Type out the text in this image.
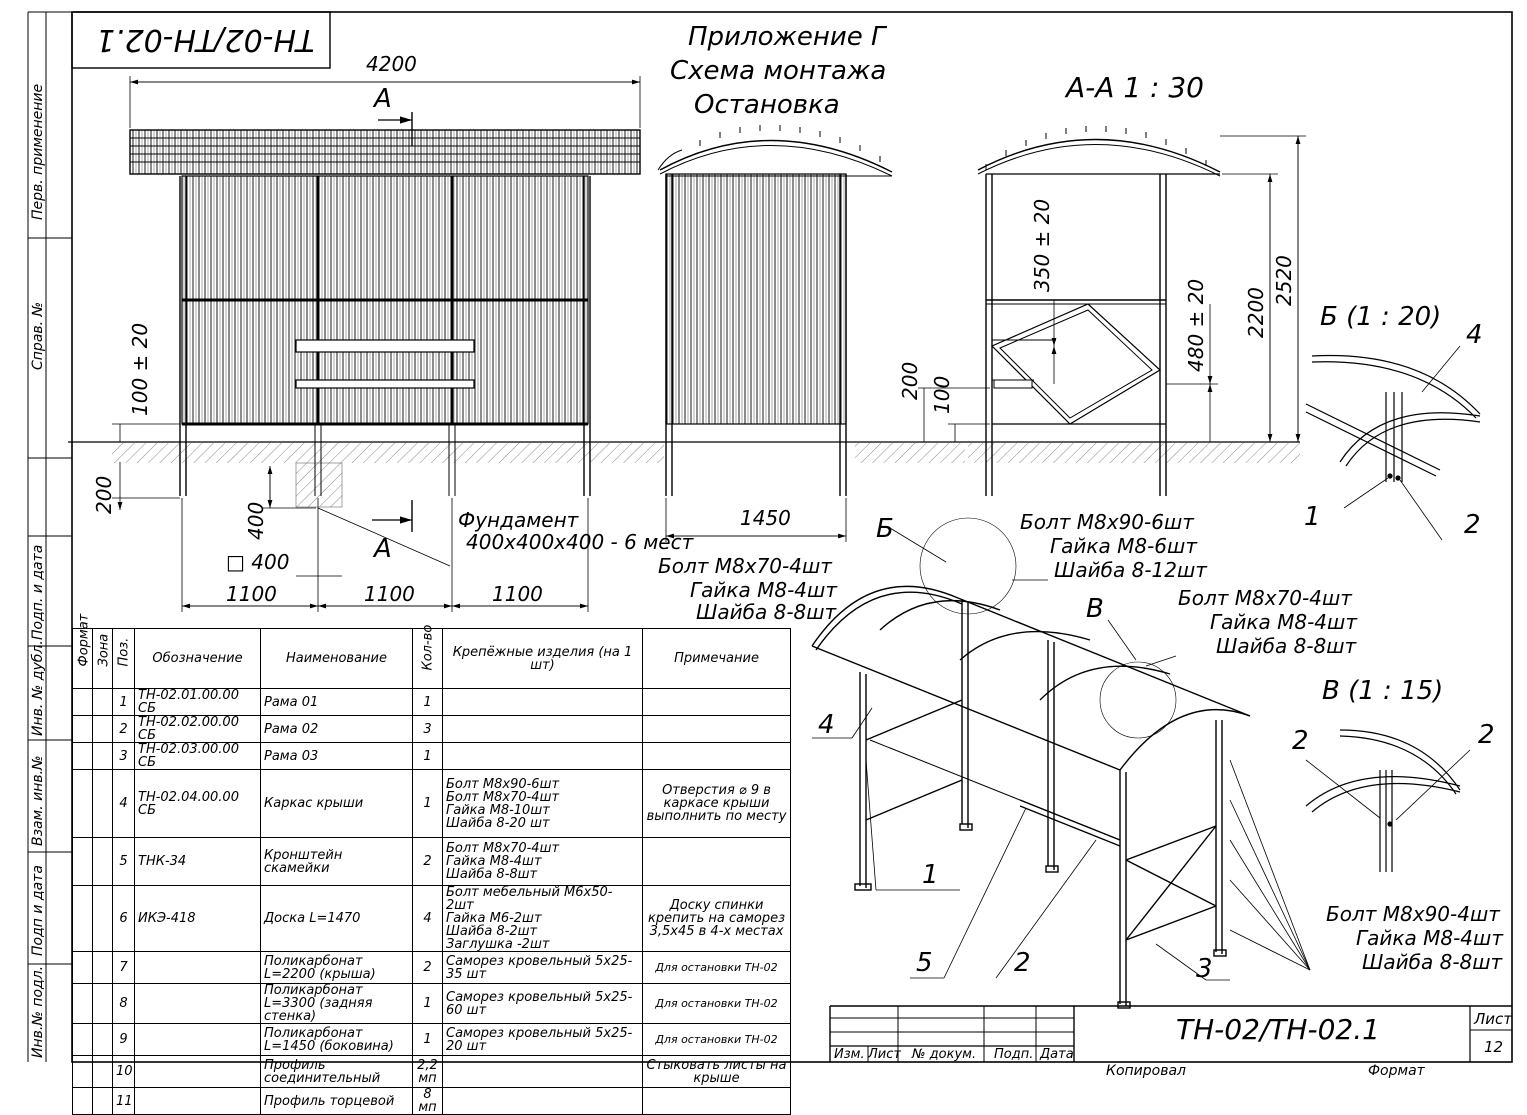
ТН-02/ТН-02.1	Приложение Г
Схема монтажа
Остановка
А-А 1 : 30
Б (1 : 20)
В (1 : 15)
А
А
Б
В
4200
1450
1100	1100	1100
□ 400
100 ± 20
200
400
350 ± 20
480 ± 20 2200
2520
200 100
Фундамент
400х400х400 - 6 мест
Болт М8х70-4шт
Гайка М8-4шт
Шайба 8-8шт
Болт М8х90-6шт
Гайка М8-6шт
Шайба 8-12шт
Болт М8х70-4шт
Гайка М8-4шт
Шайба 8-8шт
Болт М8х90-4шт
Гайка М8-4шт
Шайба 8-8шт
4
1	2
2	2
4
1
5	2	3
Перв. применение
Справ. №
Подп. и дата
Инв. № дубл.
Взам. инв.№
Подп и дата
Инв.№ подл.
Формат	Зона	Поз.	Обозначение	Наименование	Кол-во	Крепёжные изделия (на 1 шт)	Примечание
		1	ТН-02.01.00.00 СБ	Рама 01	1		
		2	ТН-02.02.00.00 СБ	Рама 02	3		
		3	ТН-02.03.00.00 СБ	Рама 03	1		
		4	ТН-02.04.00.00 СБ	Каркас крыши	1	Болт М8х90-6шт
Болт М8х70-4шт
Гайка М8-10шт
Шайба 8-20 шт	Отверстия ⌀ 9 в каркасе крыши выполнить по месту
		5	ТНК-34	Кронштейн скамейки	2	Болт М8х70-4шт
Гайка М8-4шт
Шайба 8-8шт	
		6	ИКЭ-418	Доска L=1470	4	Болт мебельный М6х50-2шт
Гайка М6-2шт
Шайба 8-2шт
Заглушка -2шт	Доску спинки крепить на саморез 3,5х45 в 4-х местах
		7		Поликарбонат L=2200 (крыша)	2	Саморез кровельный 5х25-35 шт	Для остановки ТН-02
		8		Поликарбонат L=3300 (задняя стенка)	1	Саморез кровельный 5х25-60 шт	Для остановки ТН-02
		9		Поликарбонат L=1450 (боковина)	1	Саморез кровельный 5х25-20 шт	Для остановки ТН-02
		10		Профиль соединительный	2,2 мп		Стыковать листы на крыше
		11		Профиль торцевой	8 мп		
ТН-02/ТН-02.1
Изм. Лист № докум. Подп. Дата
Лист
12
Копировал	Формат
